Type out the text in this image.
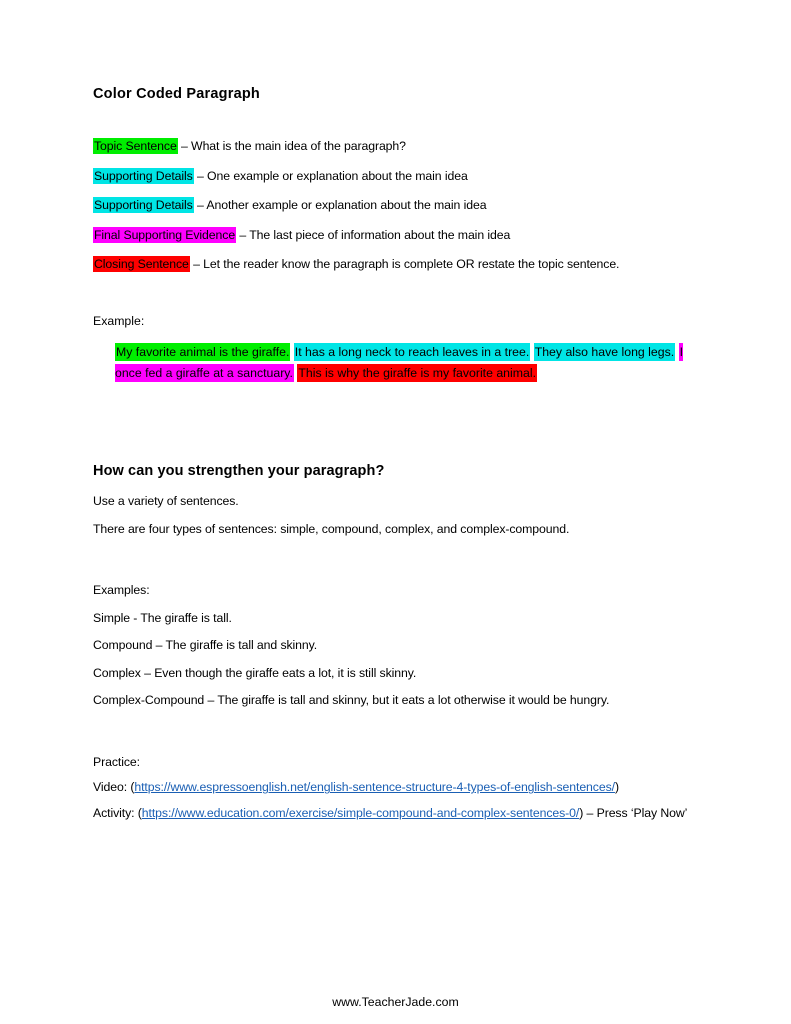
Color Coded Paragraph
Topic Sentence – What is the main idea of the paragraph?
Supporting Details – One example or explanation about the main idea
Supporting Details – Another example or explanation about the main idea
Final Supporting Evidence – The last piece of information about the main idea
Closing Sentence – Let the reader know the paragraph is complete OR restate the topic sentence.
Example:
My favorite animal is the giraffe. It has a long neck to reach leaves in a tree. They also have long legs. I once fed a giraffe at a sanctuary. This is why the giraffe is my favorite animal.
How can you strengthen your paragraph?
Use a variety of sentences.
There are four types of sentences: simple, compound, complex, and complex-compound.
Examples:
Simple - The giraffe is tall.
Compound – The giraffe is tall and skinny.
Complex – Even though the giraffe eats a lot, it is still skinny.
Complex-Compound – The giraffe is tall and skinny, but it eats a lot otherwise it would be hungry.
Practice:
Video: (https://www.espressoenglish.net/english-sentence-structure-4-types-of-english-sentences/)
Activity: (https://www.education.com/exercise/simple-compound-and-complex-sentences-0/) – Press ‘Play Now’
www.TeacherJade.com
